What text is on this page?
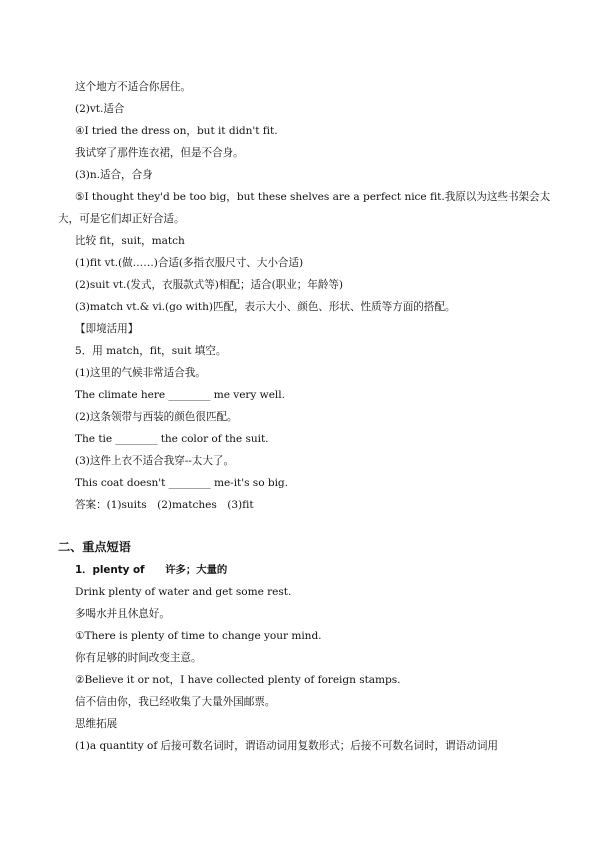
这个地方不适合你居住。
(2)vt.适合
④I tried the dress on，but it didn't fit.
我试穿了那件连衣裙，但是不合身。
(3)n.适合，合身
⑤I thought they'd be too big，but these shelves are a perfect nice fit.我原以为这些书架会太
大，可是它们却正好合适。
比较 fit，suit，match
(1)fit vt.(做……)合适(多指衣服尺寸、大小合适)
(2)suit vt.(发式，衣服款式等)相配；适合(职业；年龄等)
(3)match vt.& vi.(go with)匹配，表示大小、颜色、形状、性质等方面的搭配。
【即境活用】
5．用 match，fit，suit 填空。
(1)这里的气候非常适合我。
The climate here ________ me very well.
(2)这条领带与西装的颜色很匹配。
The tie ________ the color of the suit.
(3)这件上衣不适合我穿--太大了。
This coat doesn't ________ me-it's so big.
答案：(1)suits　(2)matches　(3)fit
二、重点短语
1．plenty of　　许多；大量的
Drink plenty of water and get some rest.
多喝水并且休息好。
①There is plenty of time to change your mind.
你有足够的时间改变主意。
②Believe it or not，I have collected plenty of foreign stamps.
信不信由你，我已经收集了大量外国邮票。
思维拓展
(1)a quantity of 后接可数名词时，谓语动词用复数形式；后接不可数名词时，谓语动词用
